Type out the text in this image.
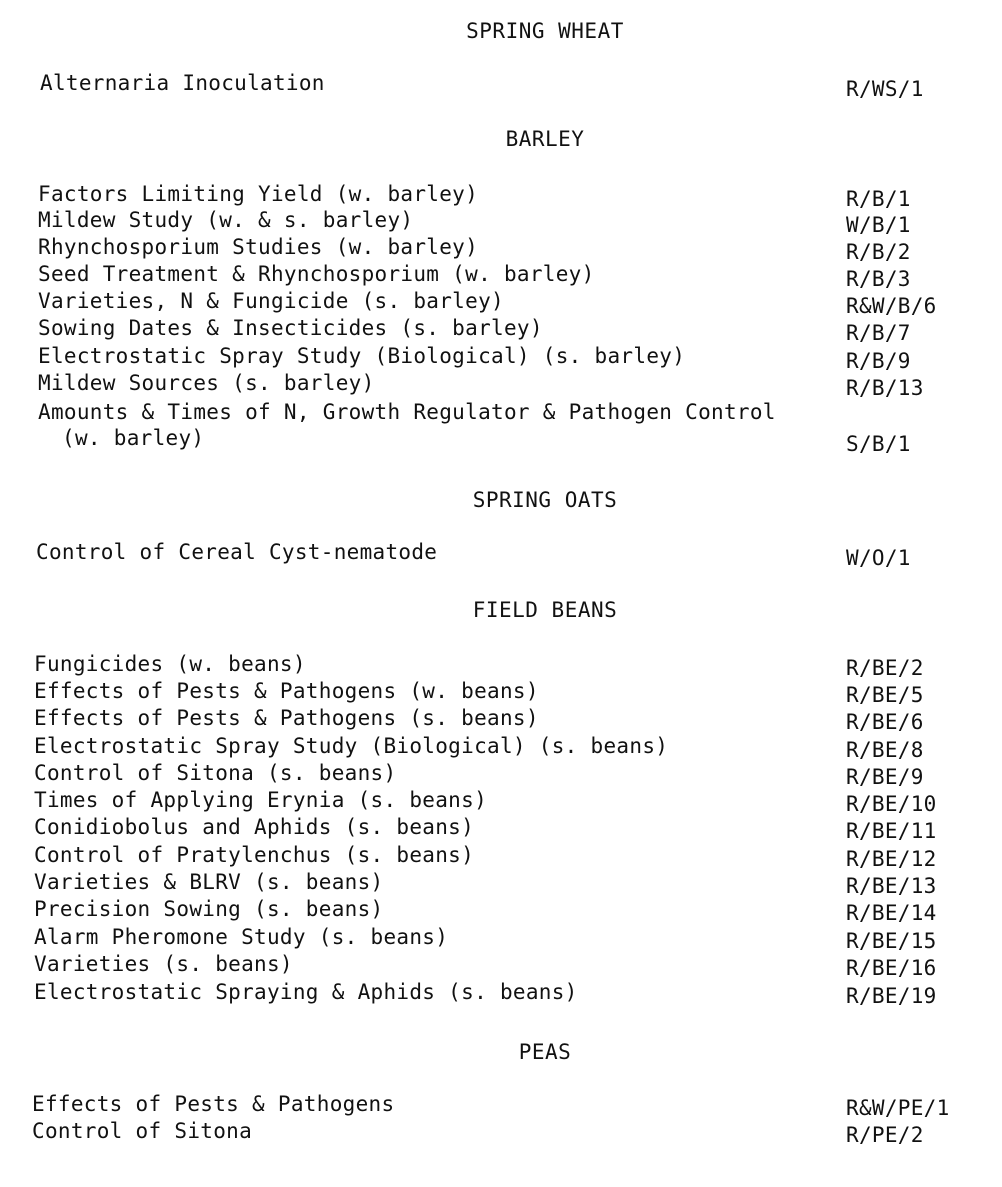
SPRING WHEAT
Alternaria Inoculation	R/WS/1
BARLEY
Factors Limiting Yield (w. barley)	R/B/1
Mildew Study (w. & s. barley)	W/B/1
Rhynchosporium Studies (w. barley)	R/B/2
Seed Treatment & Rhynchosporium (w. barley)	R/B/3
Varieties, N & Fungicide (s. barley)	R&W/B/6
Sowing Dates & Insecticides (s. barley)	R/B/7
Electrostatic Spray Study (Biological) (s. barley)	R/B/9
Mildew Sources (s. barley)	R/B/13
Amounts & Times of N, Growth Regulator & Pathogen Control
(w. barley)	S/B/1
SPRING OATS
Control of Cereal Cyst-nematode	W/O/1
FIELD BEANS
Fungicides (w. beans)	R/BE/2
Effects of Pests & Pathogens (w. beans)	R/BE/5
Effects of Pests & Pathogens (s. beans)	R/BE/6
Electrostatic Spray Study (Biological) (s. beans)	R/BE/8
Control of Sitona (s. beans)	R/BE/9
Times of Applying Erynia (s. beans)	R/BE/10
Conidiobolus and Aphids (s. beans)	R/BE/11
Control of Pratylenchus (s. beans)	R/BE/12
Varieties & BLRV (s. beans)	R/BE/13
Precision Sowing (s. beans)	R/BE/14
Alarm Pheromone Study (s. beans)	R/BE/15
Varieties (s. beans)	R/BE/16
Electrostatic Spraying & Aphids (s. beans)	R/BE/19
PEAS
Effects of Pests & Pathogens	R&W/PE/1
Control of Sitona	R/PE/2
